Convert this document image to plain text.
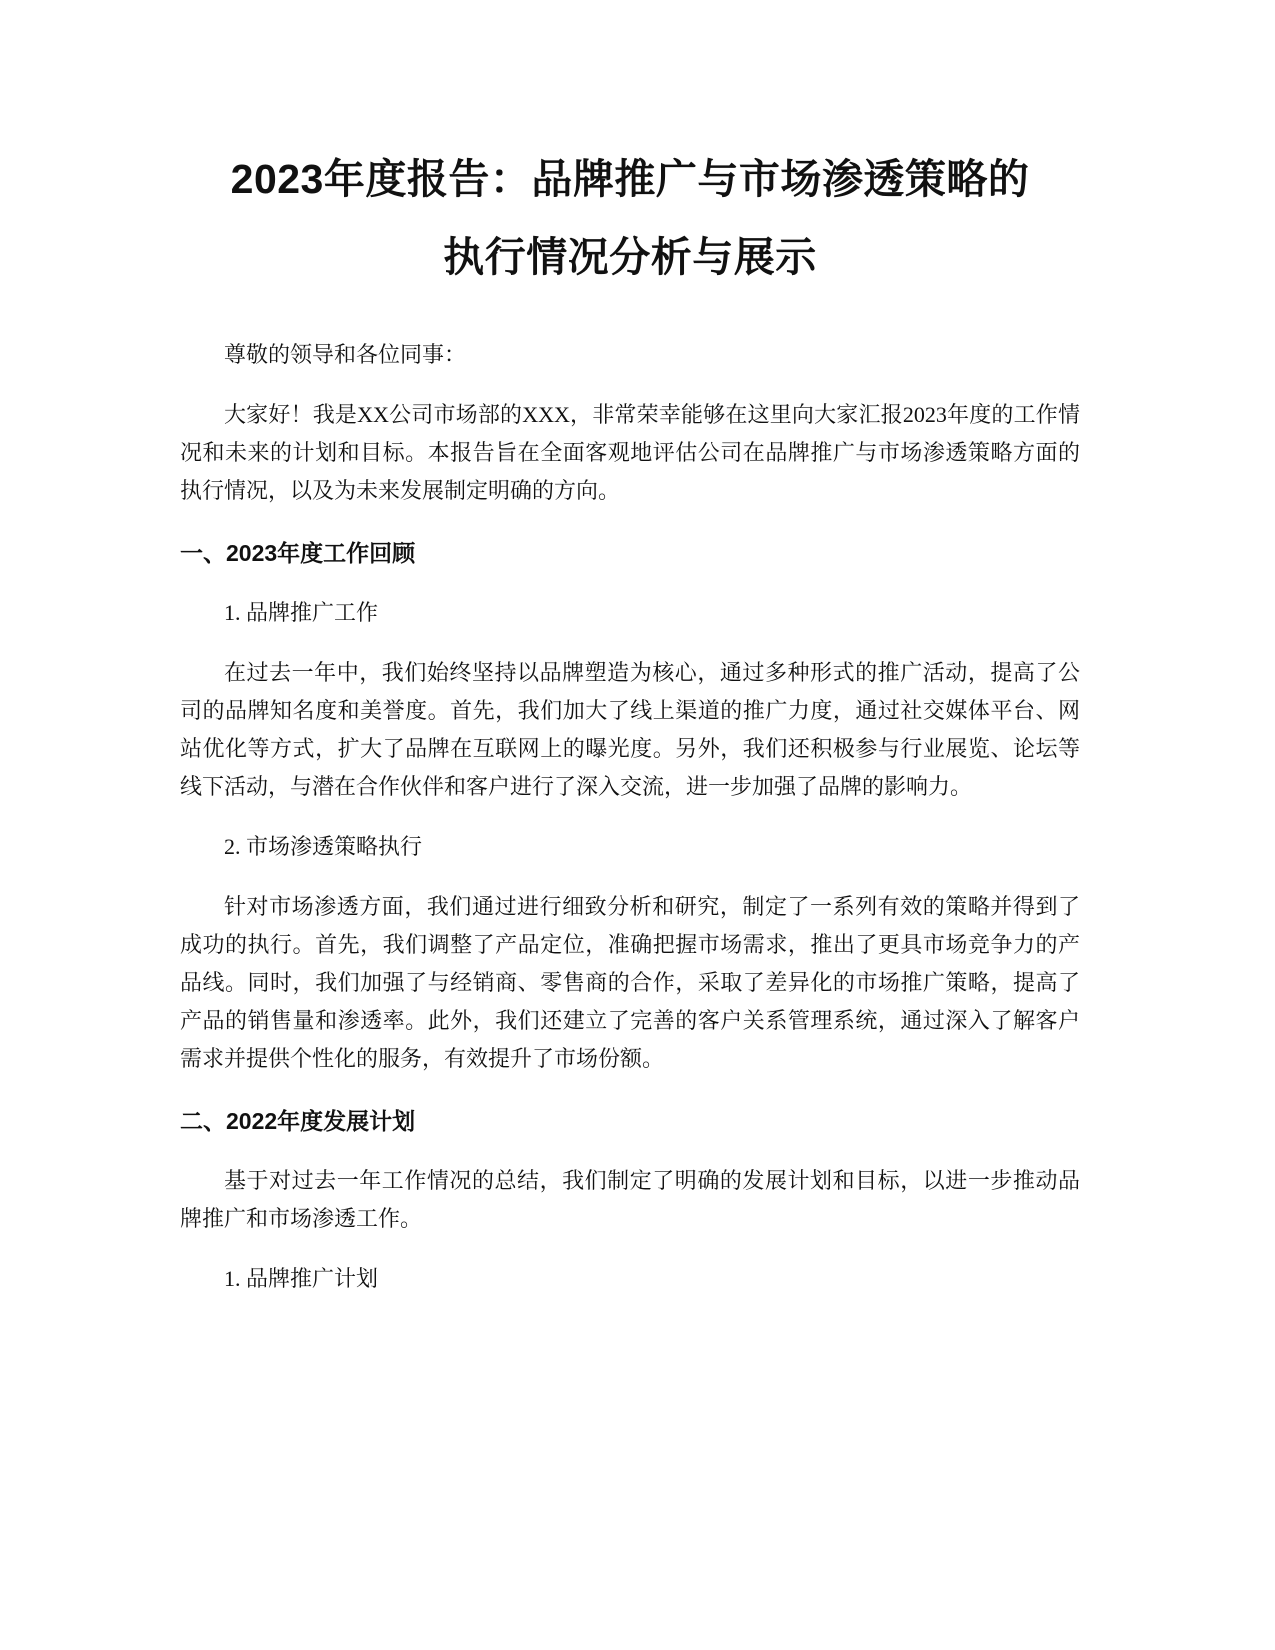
2023年度报告：品牌推广与市场渗透策略的
执行情况分析与展示

尊敬的领导和各位同事：

大家好！我是XX公司市场部的XXX，非常荣幸能够在这里向大家汇报2023年度的工作情况和未来的计划和目标。本报告旨在全面客观地评估公司在品牌推广与市场渗透策略方面的执行情况，以及为未来发展制定明确的方向。

一、2023年度工作回顾

1. 品牌推广工作

在过去一年中，我们始终坚持以品牌塑造为核心，通过多种形式的推广活动，提高了公司的品牌知名度和美誉度。首先，我们加大了线上渠道的推广力度，通过社交媒体平台、网站优化等方式，扩大了品牌在互联网上的曝光度。另外，我们还积极参与行业展览、论坛等线下活动，与潜在合作伙伴和客户进行了深入交流，进一步加强了品牌的影响力。

2. 市场渗透策略执行

针对市场渗透方面，我们通过进行细致分析和研究，制定了一系列有效的策略并得到了成功的执行。首先，我们调整了产品定位，准确把握市场需求，推出了更具市场竞争力的产品线。同时，我们加强了与经销商、零售商的合作，采取了差异化的市场推广策略，提高了产品的销售量和渗透率。此外，我们还建立了完善的客户关系管理系统，通过深入了解客户需求并提供个性化的服务，有效提升了市场份额。

二、2022年度发展计划

基于对过去一年工作情况的总结，我们制定了明确的发展计划和目标，以进一步推动品牌推广和市场渗透工作。

1. 品牌推广计划
